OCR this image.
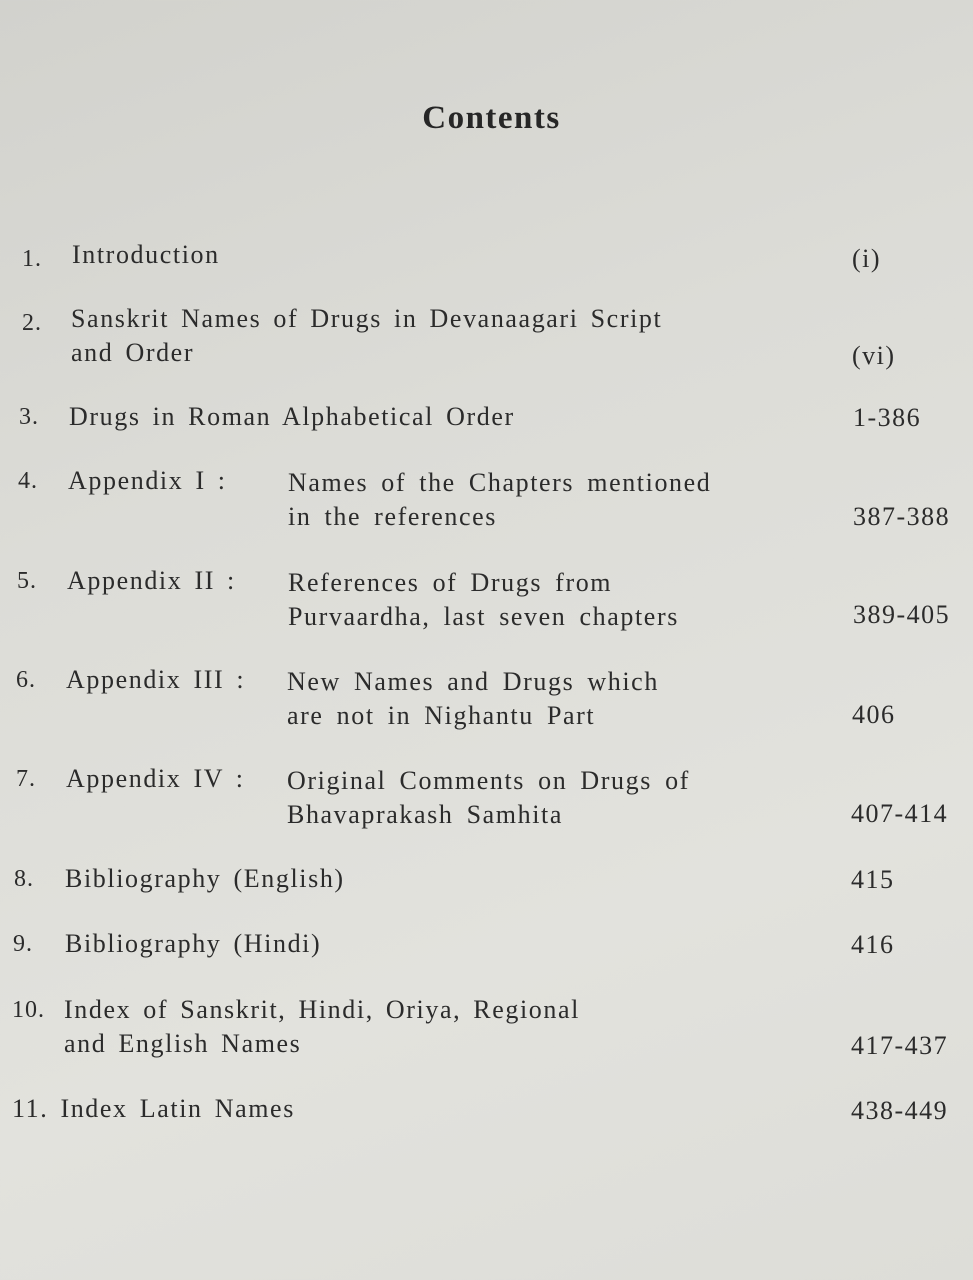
Contents
1. Introduction	(i)
2. Sanskrit Names of Drugs in Devanaagari Script
and Order	(vi)
3. Drugs in Roman Alphabetical Order	1-386
4. Appendix I : Names of the Chapters mentioned
in the references	387-388
5. Appendix II : References of Drugs from
Purvaardha, last seven chapters	389-405
6. Appendix III : New Names and Drugs which
are not in Nighantu Part	406
7. Appendix IV : Original Comments on Drugs of
Bhavaprakash Samhita	407-414
8. Bibliography (English)	415
9. Bibliography (Hindi)	416
10. Index of Sanskrit, Hindi, Oriya, Regional
and English Names	417-437
11. Index Latin Names	438-449
